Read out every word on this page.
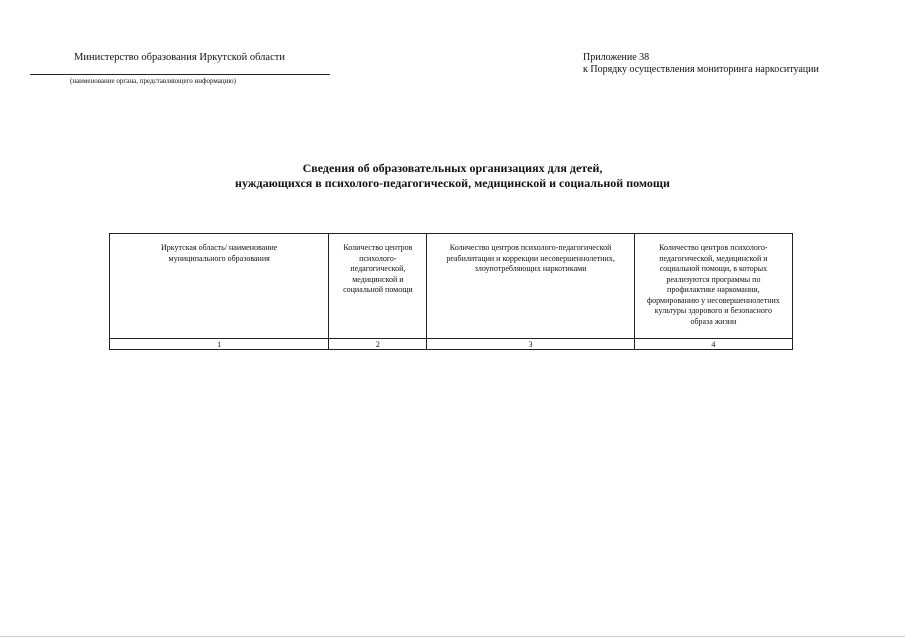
Министерство образования Иркутской области
(наименование органа, представляющего информацию)
Приложение 38
к Порядку осуществления мониторинга наркоситуации
Сведения об образовательных организациях для детей,
нуждающихся в психолого-педагогической, медицинской и социальной помощи
Иркутская область/ наименование муниципального образования	Количество центров психолого-педагогической, медицинской и социальной помощи	Количество центров психолого-педагогической реабилитации и коррекции несовершеннолетних, злоупотребляющих наркотиками	Количество центров психолого-педагогической, медицинской и социальной помощи, в которых реализуются программы по профилактике наркомании, формированию у несовершеннолетних культуры здорового и безопасного образа жизни

1	2	3	4
